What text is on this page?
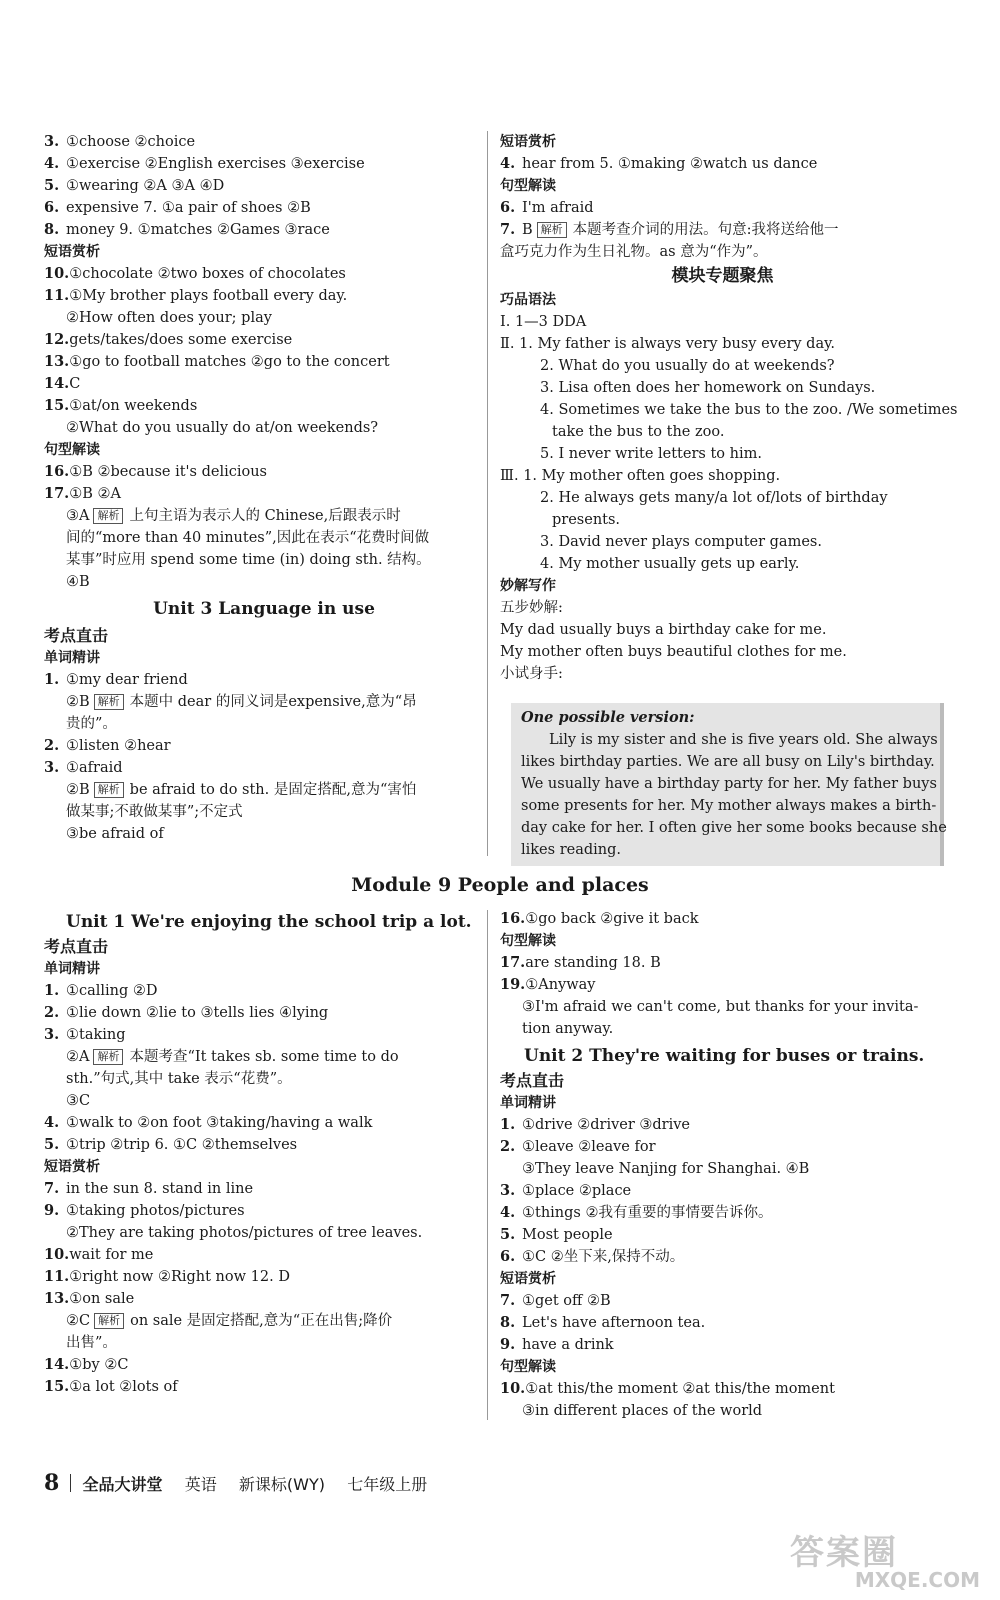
3. ①choose ②choice
4. ①exercise ②English exercises ③exercise
5. ①wearing ②A ③A ④D
6. expensive 7. ①a pair of shoes ②B
8. money 9. ①matches ②Games ③race
短语赏析
10.①chocolate ②two boxes of chocolates
11.①My brother plays football every day.
②How often does your; play
12.gets/takes/does some exercise
13.①go to football matches ②go to the concert
14.C
15.①at/on weekends
②What do you usually do at/on weekends?
句型解读
16.①B ②because it's delicious
17.①B ②A
③A 解析 上句主语为表示人的 Chinese,后跟表示时
间的“more than 40 minutes”,因此在表示“花费时间做
某事”时应用 spend some time (in) doing sth. 结构。
④B
Unit 3 Language in use
考点直击
单词精讲
1. ①my dear friend
②B 解析 本题中 dear 的同义词是expensive,意为“昂
贵的”。
2. ①listen ②hear
3. ①afraid
②B 解析 be afraid to do sth. 是固定搭配,意为“害怕
做某事;不敢做某事”;不定式
③be afraid of
短语赏析
4. hear from 5. ①making ②watch us dance
句型解读
6. I'm afraid
7. B 解析 本题考查介词的用法。句意:我将送给他一
盒巧克力作为生日礼物。as 意为“作为”。
模块专题聚焦
巧品语法
Ⅰ. 1—3 DDA
Ⅱ. 1. My father is always very busy every day.
2. What do you usually do at weekends?
3. Lisa often does her homework on Sundays.
4. Sometimes we take the bus to the zoo. /We sometimes
take the bus to the zoo.
5. I never write letters to him.
Ⅲ. 1. My mother often goes shopping.
2. He always gets many/a lot of/lots of birthday
presents.
3. David never plays computer games.
4. My mother usually gets up early.
妙解写作
五步妙解:
My dad usually buys a birthday cake for me.
My mother often buys beautiful clothes for me.
小试身手:
One possible version:
Lily is my sister and she is five years old. She always
likes birthday parties. We are all busy on Lily's birthday.
We usually have a birthday party for her. My father buys
some presents for her. My mother always makes a birth-
day cake for her. I often give her some books because she
likes reading.
Module 9 People and places
Unit 1 We're enjoying the school trip a lot.
考点直击
单词精讲
1. ①calling ②D
2. ①lie down ②lie to ③tells lies ④lying
3. ①taking
②A 解析 本题考查“It takes sb. some time to do
sth.”句式,其中 take 表示“花费”。
③C
4. ①walk to ②on foot ③taking/having a walk
5. ①trip ②trip 6. ①C ②themselves
短语赏析
7. in the sun 8. stand in line
9. ①taking photos/pictures
②They are taking photos/pictures of tree leaves.
10.wait for me
11.①right now ②Right now 12. D
13.①on sale
②C 解析 on sale 是固定搭配,意为“正在出售;降价
出售”。
14.①by ②C
15.①a lot ②lots of
16.①go back ②give it back
句型解读
17.are standing 18. B
19.①Anyway
③I'm afraid we can't come, but thanks for your invita-
tion anyway.
Unit 2 They're waiting for buses or trains.
考点直击
单词精讲
1. ①drive ②driver ③drive
2. ①leave ②leave for
③They leave Nanjing for Shanghai. ④B
3. ①place ②place
4. ①things ②我有重要的事情要告诉你。
5. Most people
6. ①C ②坐下来,保持不动。
短语赏析
7. ①get off ②B
8. Let's have afternoon tea.
9. have a drink
句型解读
10.①at this/the moment ②at this/the moment
③in different places of the world
8 全品大讲堂 英语 新课标(WY) 七年级上册
答案圈
MXQE.COM
